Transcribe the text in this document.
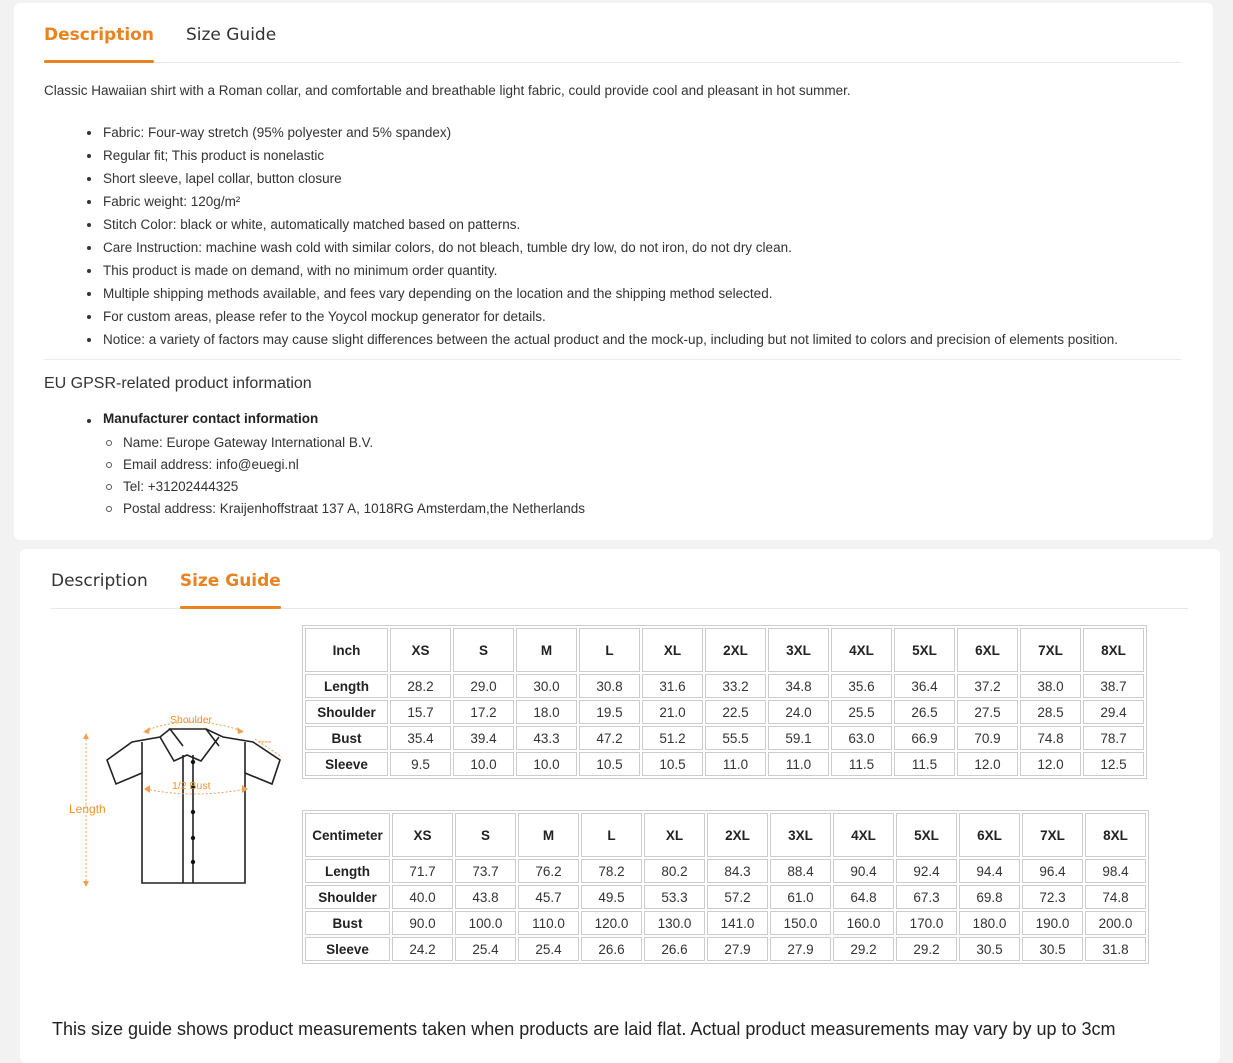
Description Size Guide

Classic Hawaiian shirt with a Roman collar, and comfortable and breathable light fabric, could provide cool and pleasant in hot summer.

Fabric: Four-way stretch (95% polyester and 5% spandex)
Regular fit; This product is nonelastic
Short sleeve, lapel collar, button closure
Fabric weight: 120g/m²
Stitch Color: black or white, automatically matched based on patterns.
Care Instruction: machine wash cold with similar colors, do not bleach, tumble dry low, do not iron, do not dry clean.
This product is made on demand, with no minimum order quantity.
Multiple shipping methods available, and fees vary depending on the location and the shipping method selected.
For custom areas, please refer to the Yoycol mockup generator for details.
Notice: a variety of factors may cause slight differences between the actual product and the mock-up, including but not limited to colors and precision of elements position.
EU GPSR-related product information
Manufacturer contact information
Name: Europe Gateway International B.V.
Email address: info@euegi.nl
Tel: +31202444325
Postal address: Kraijenhoffstraat 137 A, 1018RG Amsterdam,the Netherlands
Description Size Guide
Shoulder
1/2 Bust
Length
Sleeve
Inch	XS	S	M	L	XL	2XL	3XL	4XL	5XL	6XL	7XL	8XL
Length	28.2	29.0	30.0	30.8	31.6	33.2	34.8	35.6	36.4	37.2	38.0	38.7
Shoulder	15.7	17.2	18.0	19.5	21.0	22.5	24.0	25.5	26.5	27.5	28.5	29.4
Bust	35.4	39.4	43.3	47.2	51.2	55.5	59.1	63.0	66.9	70.9	74.8	78.7
Sleeve	9.5	10.0	10.0	10.5	10.5	11.0	11.0	11.5	11.5	12.0	12.0	12.5
Centimeter	XS	S	M	L	XL	2XL	3XL	4XL	5XL	6XL	7XL	8XL
Length	71.7	73.7	76.2	78.2	80.2	84.3	88.4	90.4	92.4	94.4	96.4	98.4
Shoulder	40.0	43.8	45.7	49.5	53.3	57.2	61.0	64.8	67.3	69.8	72.3	74.8
Bust	90.0	100.0	110.0	120.0	130.0	141.0	150.0	160.0	170.0	180.0	190.0	200.0
Sleeve	24.2	25.4	25.4	26.6	26.6	27.9	27.9	29.2	29.2	30.5	30.5	31.8

This size guide shows product measurements taken when products are laid flat. Actual product measurements may vary by up to 3cm
